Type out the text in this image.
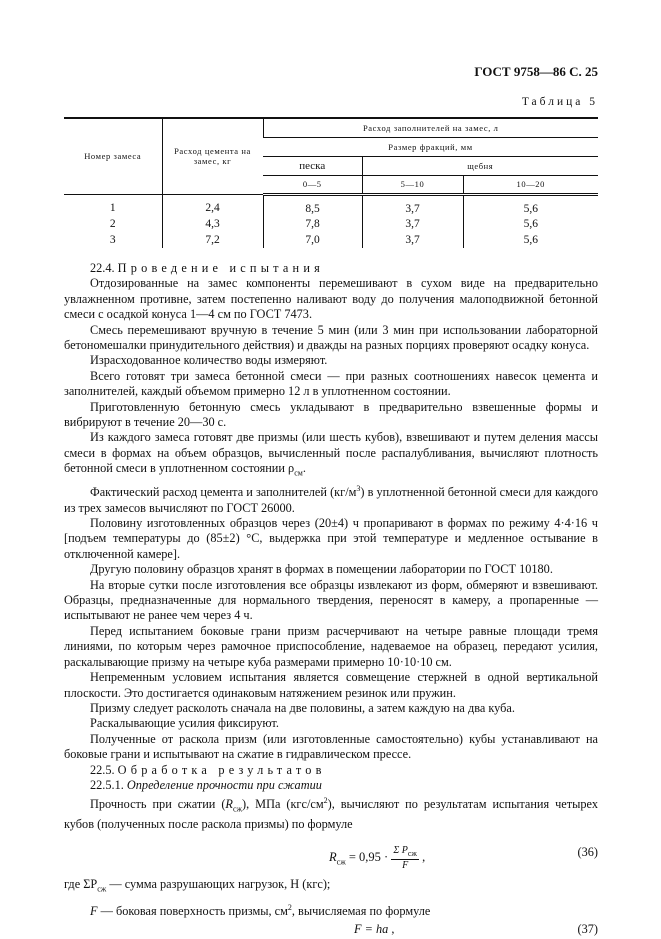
ГОСТ 9758—86 С. 25
Таблица 5
Номер замеса	Расход цемента на замес, кг	Расход заполнителей на замес, л		
		Размер фракций, мм		
		песка	щебня	
		0—5	5—10	10—20
1	2,4	8,5	3,7	5,6
2	4,3	7,8	3,7	5,6
3	7,2	7,0	3,7	5,6

22.4. Проведение испытания

Отдозированные на замес компоненты перемешивают в сухом виде на предварительно увлажненном противне, затем постепенно наливают воду до получения малоподвижной бетонной смеси с осадкой конуса 1—4 см по ГОСТ 7473.

Смесь перемешивают вручную в течение 5 мин (или 3 мин при использовании лабораторной бетономешалки принудительного действия) и дважды на разных порциях проверяют осадку конуса.

Израсходованное количество воды измеряют.

Всего готовят три замеса бетонной смеси — при разных соотношениях навесок цемента и заполнителей, каждый объемом примерно 12 л в уплотненном состоянии.

Приготовленную бетонную смесь укладывают в предварительно взвешенные формы и вибрируют в течение 20—30 с.

Из каждого замеса готовят две призмы (или шесть кубов), взвешивают и путем деления массы смеси в формах на объем образцов, вычисленный после распалубливания, вычисляют плотность бетонной смеси в уплотненном состоянии $\rho_{см}$.

Фактический расход цемента и заполнителей $(кг/м^3)$ в уплотненной бетонной смеси для каждого из трех замесов вычисляют по ГОСТ 26000.

Половину изготовленных образцов через (20±4) ч пропаривают в формах по режиму 4·4·16 ч [подъем температуры до (85±2) °С, выдержка при этой температуре и медленное остывание в отключенной камере].

Другую половину образцов хранят в формах в помещении лаборатории по ГОСТ 10180.

На вторые сутки после изготовления все образцы извлекают из форм, обмеряют и взвешивают. Образцы, предназначенные для нормального твердения, переносят в камеру, а пропаренные — испытывают не ранее чем через 4 ч.

Перед испытанием боковые грани призм расчерчивают на четыре равные площади тремя линиями, по которым через рамочное приспособление, надеваемое на образец, передают усилия, раскалывающие призму на четыре куба размерами примерно 10·10·10 см.

Непременным условием испытания является совмещение стержней в одной вертикальной плоскости. Это достигается одинаковым натяжением резинок или пружин.

Призму следует расколоть сначала на две половины, а затем каждую на два куба.

Раскалывающие усилия фиксируют.

Полученные от раскола призм (или изготовленные самостоятельно) кубы устанавливают на боковые грани и испытывают на сжатие в гидравлическом прессе.

22.5. Обработка результатов

22.5.1. Определение прочности при сжатии

Прочность при сжатии $(R_{сж})$, МПа $(кгс/см^2)$, вычисляют по результатам испытания четырех кубов (полученных после раскола призмы) по формуле

$R_{сж} = 0,95 \cdot \frac{\Sigma P_{сж}}{F}$ ,	(36)
где $\Sigma P_{сж}$ — сумма разрушающих нагрузок, Н (кгс);
F — боковая поверхность призмы, $см^2$, вычисляемая по формуле
F = ha ,	(37)
